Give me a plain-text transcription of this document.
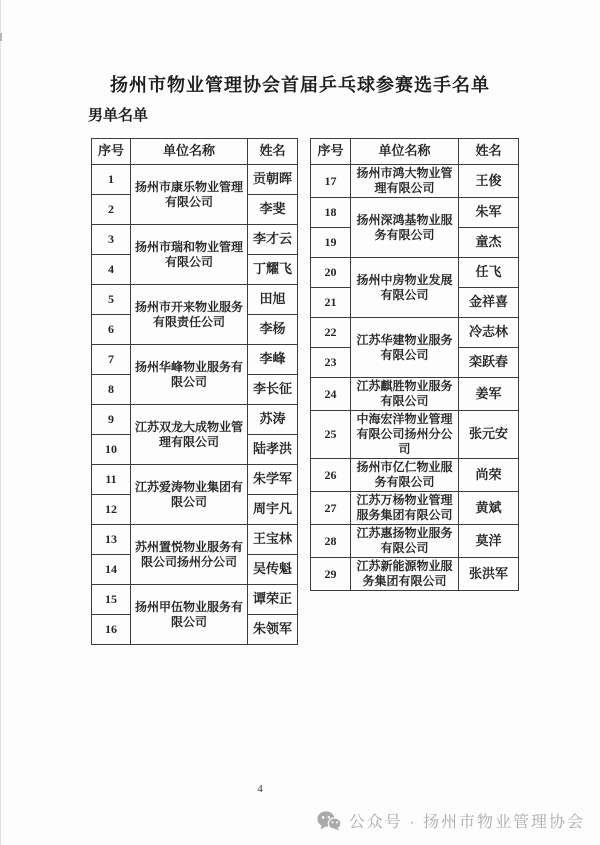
扬州市物业管理协会首届乒乓球参赛选手名单
男单名单
序号	单位名称	姓名
1	扬州市康乐物业管理有限公司	贡朝晖
2		李斐
3	扬州市瑞和物业管理有限公司	李才云
4		丁耀飞
5	扬州市开来物业服务有限责任公司	田旭
6		李杨
7	扬州华峰物业服务有限公司	李峰
8		李长征
9	江苏双龙大成物业管理有限公司	苏涛
10		陆孝洪
11	江苏爱涛物业集团有限公司	朱学军
12		周宇凡
13	苏州置悦物业服务有限公司扬州分公司	王宝林
14		吴传魁
15	扬州甲伍物业服务有限公司	谭荣正
16		朱领军
序号	单位名称	姓名
17	扬州市鸿大物业管理有限公司	王俊
18	扬州深鸿基物业服务有限公司	朱军
19		童杰
20	扬州中房物业发展有限公司	任飞
21		金祥喜
22	江苏华建物业服务有限公司	冷志林
23		栾跃春
24	江苏麒胜物业服务有限公司	姜军
25	中海宏洋物业管理有限公司扬州分公司	张元安
26	扬州市亿仁物业服务有限公司	尚荣
27	江苏万杨物业管理服务集团有限公司	黄斌
28	江苏惠扬物业服务有限公司	莫洋
29	江苏新能源物业服务集团有限公司	张洪军
4
公众号 · 扬州市物业管理协会
